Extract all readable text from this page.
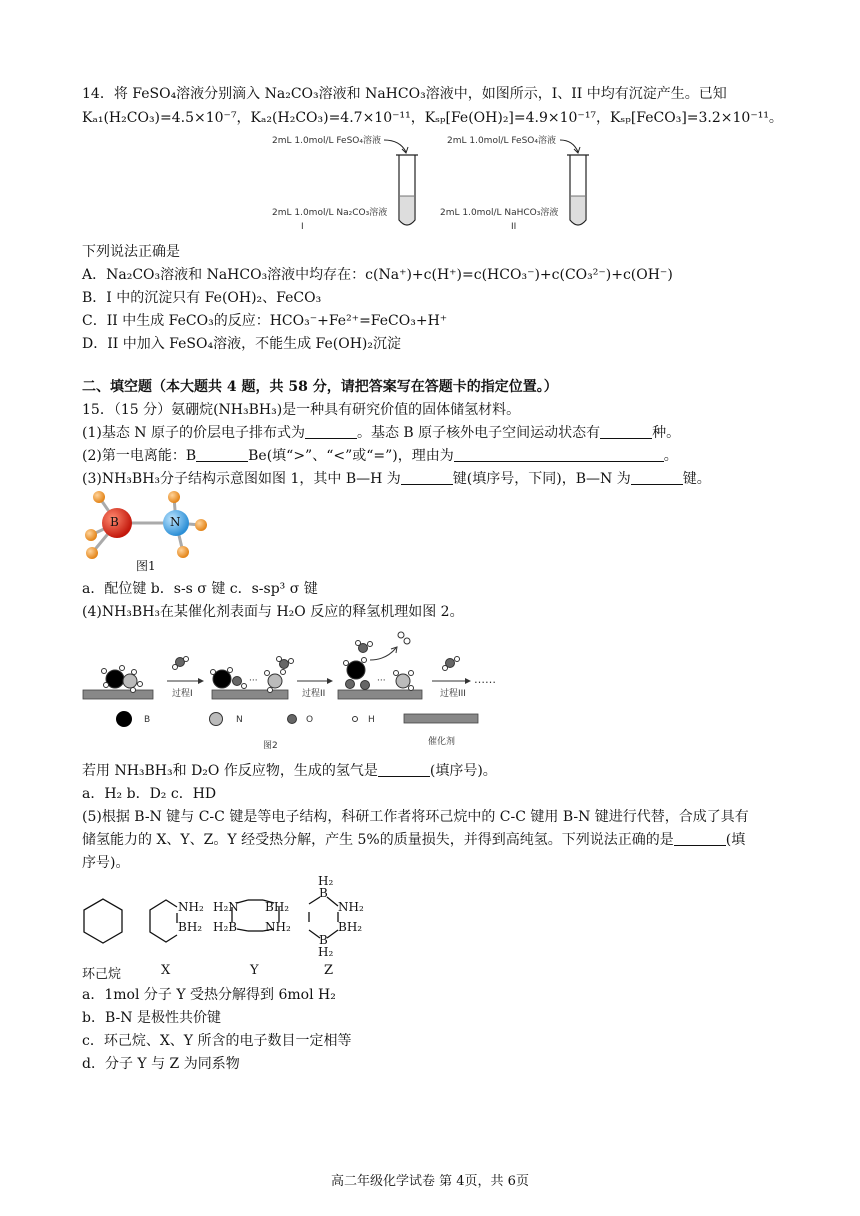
14．将 FeSO₄溶液分别滴入 Na₂CO₃溶液和 NaHCO₃溶液中，如图所示，I、II 中均有沉淀产生。已知
Kₐ₁(H₂CO₃)=4.5×10⁻⁷，Kₐ₂(H₂CO₃)=4.7×10⁻¹¹，Kₛₚ[Fe(OH)₂]=4.9×10⁻¹⁷，Kₛₚ[FeCO₃]=3.2×10⁻¹¹。
2mL 1.0mol/L FeSO₄溶液
2mL 1.0mol/L Na₂CO₃溶液
I
2mL 1.0mol/L FeSO₄溶液
2mL 1.0mol/L NaHCO₃溶液
II
下列说法正确是
A．Na₂CO₃溶液和 NaHCO₃溶液中均存在：c(Na⁺)+c(H⁺)=c(HCO₃⁻)+c(CO₃²⁻)+c(OH⁻)
B．I 中的沉淀只有 Fe(OH)₂、FeCO₃
C．II 中生成 FeCO₃的反应：HCO₃⁻+Fe²⁺=FeCO₃+H⁺
D．II 中加入 FeSO₄溶液，不能生成 Fe(OH)₂沉淀
二、填空题（本大题共 4 题，共 58 分，请把答案写在答题卡的指定位置。）
15．（15 分）氨硼烷(NH₃BH₃)是一种具有研究价值的固体储氢材料。
(1)基态 N 原子的价层电子排布式为	。基态 B 原子核外电子空间运动状态有	种。
(2)第一电离能：B	Be(填“>”、“<”或“=”)，理由为	。
(3)NH₃BH₃分子结构示意图如图 1，其中 B—H 为	键(填序号，下同)，B—N 为	键。
B	N
图1
a．配位键 b．s-s σ 键 c．s-sp³ σ 键
(4)NH₃BH₃在某催化剂表面与 H₂O 反应的释氢机理如图 2。
···	···
过程I	过程II	过程III
……
B	N	O	H
催化剂
图2
若用 NH₃BH₃和 D₂O 作反应物，生成的氢气是	(填序号)。
a．H₂ b．D₂ c．HD
(5)根据 B-N 键与 C-C 键是等电子结构，科研工作者将环己烷中的 C-C 键用 B-N 键进行代替，合成了具有
储氢能力的 X、Y、Z。Y 经受热分解，产生 5%的质量损失，并得到高纯氢。下列说法正确的是	(填
序号)。
NH₂
BH₂
H₂N BH₂
H₂B NH₂
H₂
B
NH₂
BH₂
B
H₂
环己烷	X	Y	Z
a．1mol 分子 Y 受热分解得到 6mol H₂
b．B-N 是极性共价键
c．环己烷、X、Y 所含的电子数目一定相等
d．分子 Y 与 Z 为同系物
高二年级化学试卷 第 4页，共 6页
